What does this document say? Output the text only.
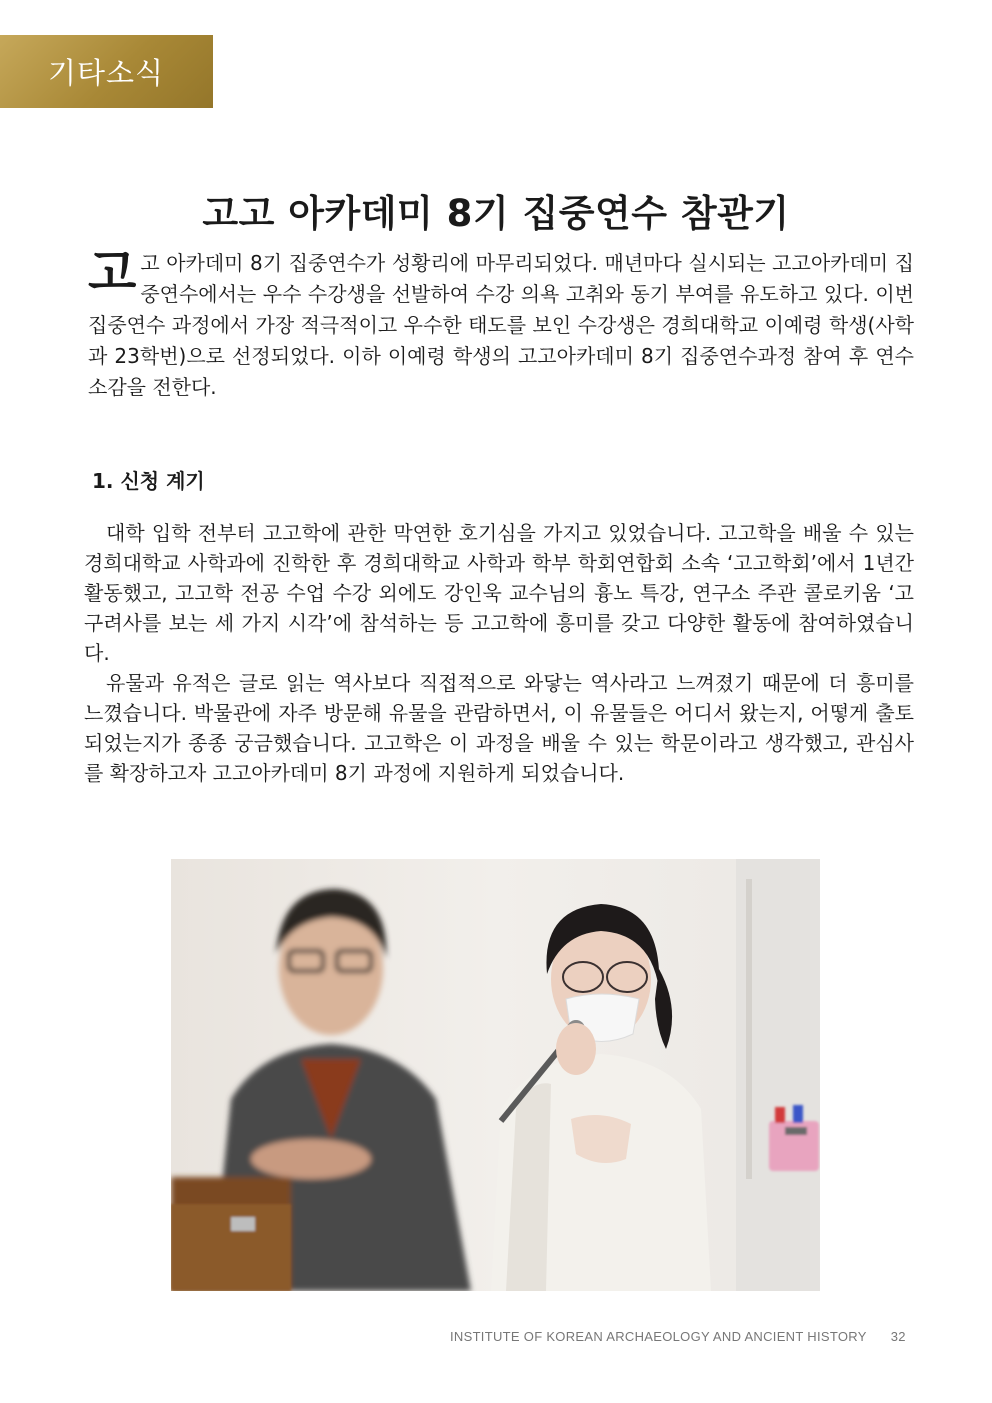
기타소식
고고 아카데미 8기 집중연수 참관기

고고 아카데미 8기 집중연수가 성황리에 마무리되었다. 매년마다 실시되는 고고아카데미 집중연수에서는 우수 수강생을 선발하여 수강 의욕 고취와 동기 부여를 유도하고 있다. 이번 집중연수 과정에서 가장 적극적이고 우수한 태도를 보인 수강생은 경희대학교 이예령 학생(사학과 23학번)으로 선정되었다. 이하 이예령 학생의 고고아카데미 8기 집중연수과정 참여 후 연수 소감을 전한다.

1. 신청 계기

대학 입학 전부터 고고학에 관한 막연한 호기심을 가지고 있었습니다. 고고학을 배울 수 있는 경희대학교 사학과에 진학한 후 경희대학교 사학과 학부 학회연합회 소속 ‘고고학회’에서 1년간 활동했고, 고고학 전공 수업 수강 외에도 강인욱 교수님의 흉노 특강, 연구소 주관 콜로키움 ‘고구려사를 보는 세 가지 시각’에 참석하는 등 고고학에 흥미를 갖고 다양한 활동에 참여하였습니다.

유물과 유적은 글로 읽는 역사보다 직접적으로 와닿는 역사라고 느껴졌기 때문에 더 흥미를 느꼈습니다. 박물관에 자주 방문해 유물을 관람하면서, 이 유물들은 어디서 왔는지, 어떻게 출토되었는지가 종종 궁금했습니다. 고고학은 이 과정을 배울 수 있는 학문이라고 생각했고, 관심사를 확장하고자 고고아카데미 8기 과정에 지원하게 되었습니다.

INSTITUTE OF KOREAN ARCHAEOLOGY AND ANCIENT HISTORY 32
